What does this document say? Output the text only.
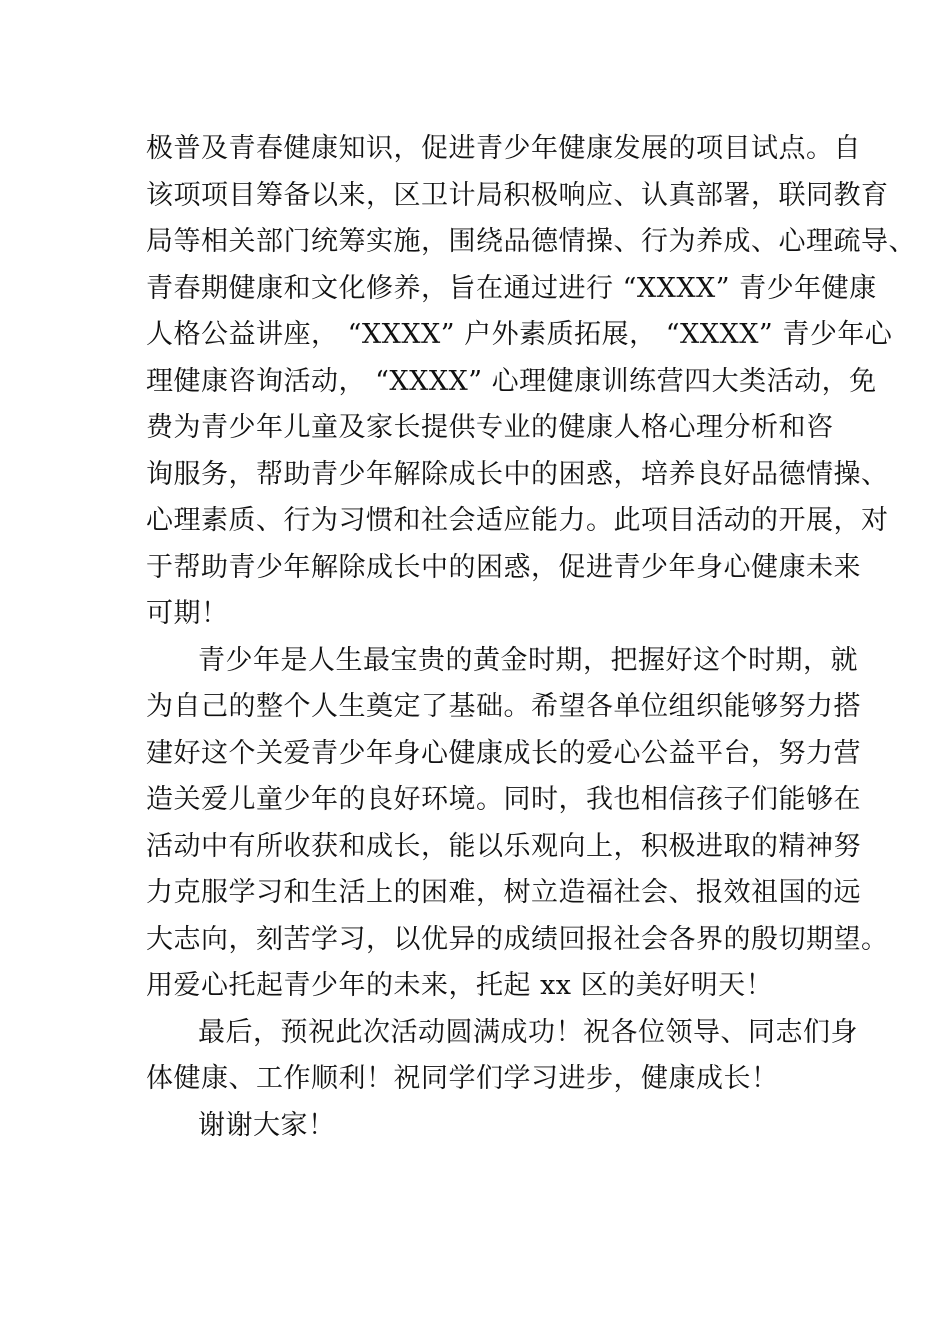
极普及青春健康知识，促进青少年健康发展的项目试点。自
该项项目筹备以来，区卫计局积极响应、认真部署，联同教育
局等相关部门统筹实施，围绕品德情操、行为养成、心理疏导、
青春期健康和文化修养，旨在通过进行 “XXXX” 青少年健康
人格公益讲座， “XXXX” 户外素质拓展， “XXXX” 青少年心
理健康咨询活动， “XXXX” 心理健康训练营四大类活动，免
费为青少年儿童及家长提供专业的健康人格心理分析和咨
询服务，帮助青少年解除成长中的困惑，培养良好品德情操、
心理素质、行为习惯和社会适应能力。此项目活动的开展，对
于帮助青少年解除成长中的困惑，促进青少年身心健康未来
可期！
青少年是人生最宝贵的黄金时期，把握好这个时期，就
为自己的整个人生奠定了基础。希望各单位组织能够努力搭
建好这个关爱青少年身心健康成长的爱心公益平台，努力营
造关爱儿童少年的良好环境。同时，我也相信孩子们能够在
活动中有所收获和成长，能以乐观向上，积极进取的精神努
力克服学习和生活上的困难，树立造福社会、报效祖国的远
大志向，刻苦学习，以优异的成绩回报社会各界的殷切期望。
用爱心托起青少年的未来，托起 xx 区的美好明天！
最后，预祝此次活动圆满成功！祝各位领导、同志们身
体健康、工作顺利！祝同学们学习进步，健康成长！
谢谢大家！
